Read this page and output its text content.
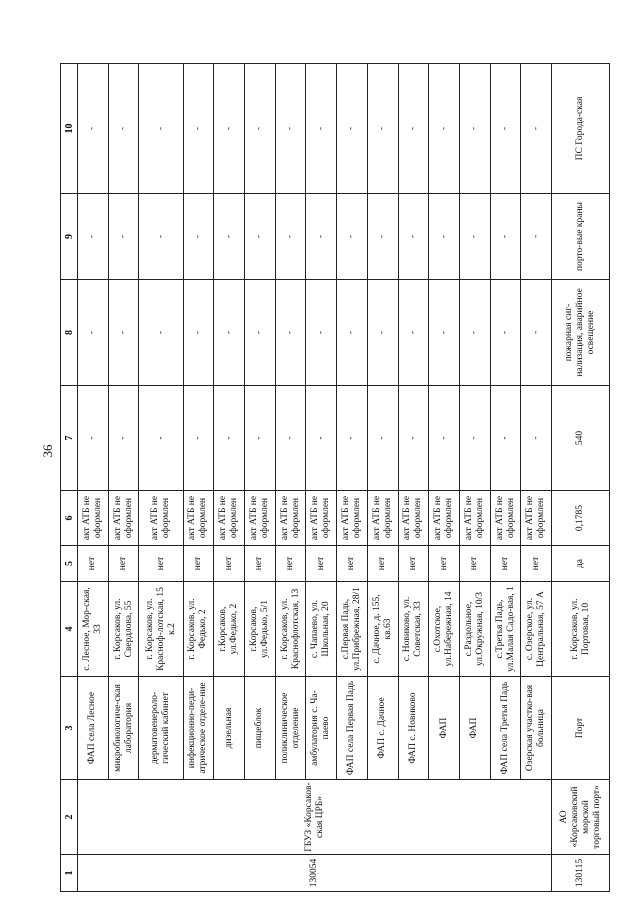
36
1	2	3	4	5	6	7	8	9	10
130054	ГБУЗ «Корсаков-ская ЦРБ»	ФАП села Лесное	с. Лесное, Мор-ская, 33	нет	акт АТБ не оформлен	-	-	-	-
		микробиологиче-ская лаборатория	г. Корсаков, ул. Свердлова, 55	нет	акт АТБ не оформлен	-	-	-	-
		дерматовенероло-гический кабинет	г. Корсаков, ул. Красноф-лотская, 15 к.2	нет	акт АТБ не оформлен	-	-	-	-
		инфекционно-педи-атрическое отделе-ние	г. Корсаков, ул. Федько, 2	нет	акт АТБ не оформлен	-	-	-	-
		дизельная	г.Корсаков, ул.Федько, 2	нет	акт АТБ не оформлен	-	-	-	-
		пищеблок	г.Корсаков, ул.Федько, 5/1	нет	акт АТБ не оформлен	-	-	-	-
		поликлиническое отделение	г. Корсаков, ул. Краснофлотская, 13	нет	акт АТБ не оформлен	-	-	-	-
		амбулатория с. Ча-паево	с. Чапаево, ул. Школьная, 20	нет	акт АТБ не оформлен	-	-	-	-
		ФАП села Первая Падь	с.Первая Падь, ул.Прибрежная, 28/1	нет	акт АТБ не оформлен	-	-	-	-
		ФАП с. Дачное	с. Дачное, д. 155, кв.63	нет	акт АТБ не оформлен	-	-	-	-
		ФАП с. Новиково	с. Новиково, ул. Советская, 33	нет	акт АТБ не оформлен	-	-	-	-
		ФАП	с.Охотское, ул.Набережная, 14	нет	акт АТБ не оформлен	-	-	-	-
		ФАП	с.Раздольное, ул.Окружная, 10/3	нет	акт АТБ не оформлен	-	-	-	-
		ФАП села Третья Падь	с.Третья Падь, ул.Малая Садо-вая, 1	нет	акт АТБ не оформлен	-	-	-	-
		Озерская участко-вая больница	с. Озерское, ул. Центральная, 57 А	нет	акт АТБ не оформлен	-	-	-	-
130115	АО «Корсаковский морской торговый порт»	Порт	г. Корсаков, ул. Портовая, 10	да	0,1785	540	пожарная сиг-нализация, аварийное освещение	порто-вые краны	ПС Города-ская
